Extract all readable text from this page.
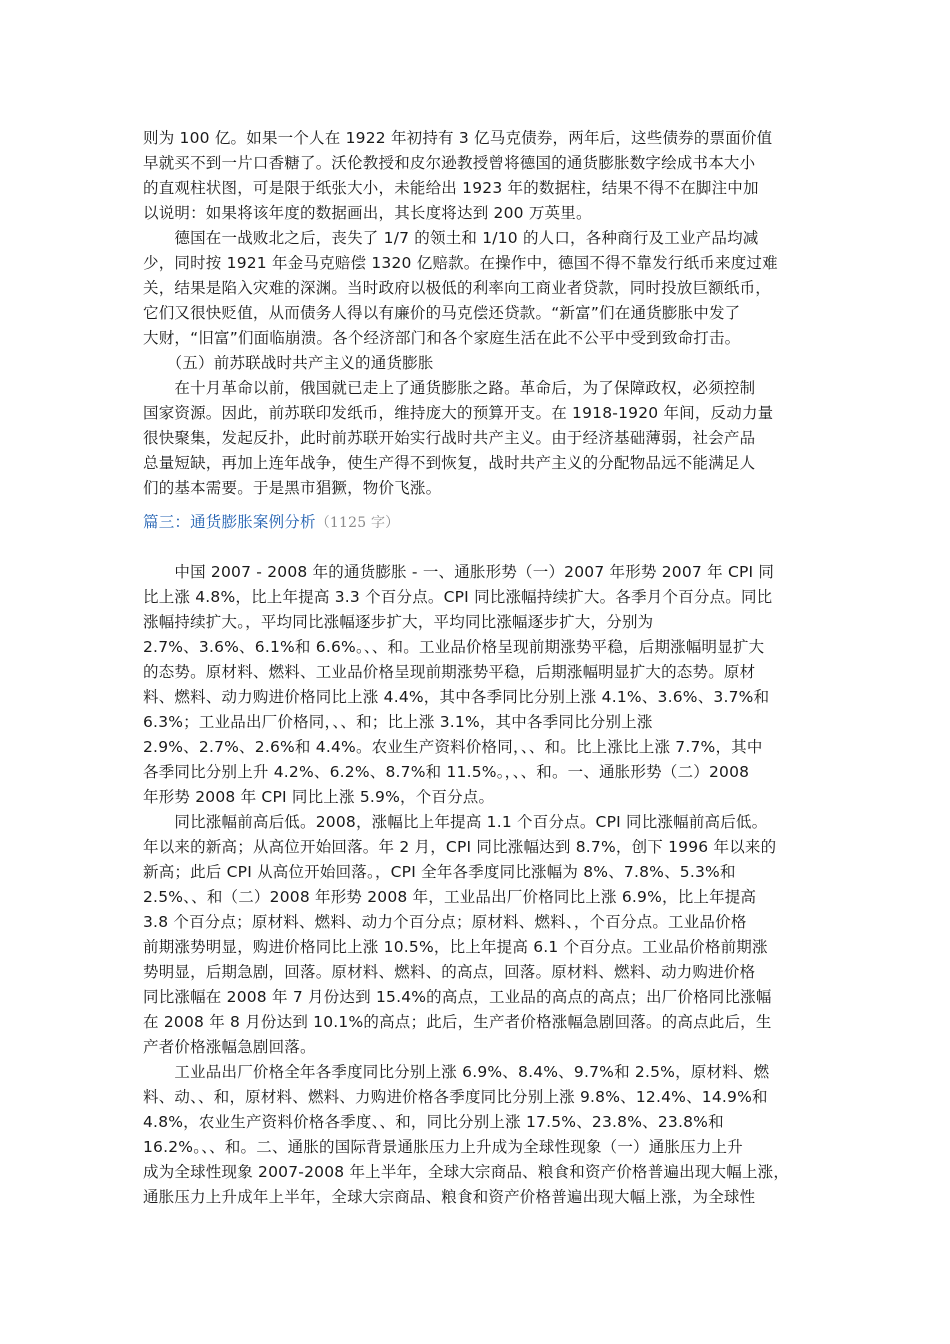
则为 100 亿。如果一个人在 1922 年初持有 3 亿马克债券，两年后，这些债券的票面价值
早就买不到一片口香糖了。沃伦教授和皮尔逊教授曾将德国的通货膨胀数字绘成书本大小
的直观柱状图，可是限于纸张大小，未能给出 1923 年的数据柱，结果不得不在脚注中加
以说明：如果将该年度的数据画出，其长度将达到 200 万英里。
　　德国在一战败北之后，丧失了 1/7 的领土和 1/10 的人口，各种商行及工业产品均减
少，同时按 1921 年金马克赔偿 1320 亿赔款。在操作中，德国不得不靠发行纸币来度过难
关，结果是陷入灾难的深渊。当时政府以极低的利率向工商业者贷款，同时投放巨额纸币，
它们又很快贬值，从而债务人得以有廉价的马克偿还贷款。“新富”们在通货膨胀中发了
大财，“旧富”们面临崩溃。各个经济部门和各个家庭生活在此不公平中受到致命打击。
　　（五）前苏联战时共产主义的通货膨胀
　　在十月革命以前，俄国就已走上了通货膨胀之路。革命后，为了保障政权，必须控制
国家资源。因此，前苏联印发纸币，维持庞大的预算开支。在 1918-1920 年间，反动力量
很快聚集，发起反扑，此时前苏联开始实行战时共产主义。由于经济基础薄弱，社会产品
总量短缺，再加上连年战争，使生产得不到恢复，战时共产主义的分配物品远不能满足人
们的基本需要。于是黑市猖獗，物价飞涨。
篇三：通货膨胀案例分析（1125 字）
　　中国 2007 - 2008 年的通货膨胀 - 一、通胀形势（一）2007 年形势 2007 年 CPI 同
比上涨 4.8%，比上年提高 3.3 个百分点。CPI 同比涨幅持续扩大。各季月个百分点。同比
涨幅持续扩大。，平均同比涨幅逐步扩大，平均同比涨幅逐步扩大，分别为
2.7%、3.6%、6.1%和 6.6%。、、和。工业品价格呈现前期涨势平稳，后期涨幅明显扩大
的态势。原材料、燃料、工业品价格呈现前期涨势平稳，后期涨幅明显扩大的态势。原材
料、燃料、动力购进价格同比上涨 4.4%，其中各季同比分别上涨 4.1%、3.6%、3.7%和
6.3%；工业品出厂价格同，、、和；比上涨 3.1%，其中各季同比分别上涨
2.9%、2.7%、2.6%和 4.4%。农业生产资料价格同，、、和。比上涨比上涨 7.7%，其中
各季同比分别上升 4.2%、6.2%、8.7%和 11.5%。，、、和。一、通胀形势（二）2008
年形势 2008 年 CPI 同比上涨 5.9%，个百分点。
　　同比涨幅前高后低。2008，涨幅比上年提高 1.1 个百分点。CPI 同比涨幅前高后低。
年以来的新高；从高位开始回落。年 2 月，CPI 同比涨幅达到 8.7%，创下 1996 年以来的
新高；此后 CPI 从高位开始回落。，CPI 全年各季度同比涨幅为 8%、7.8%、5.3%和
2.5%、、和（二）2008 年形势 2008 年，工业品出厂价格同比上涨 6.9%，比上年提高
3.8 个百分点；原材料、燃料、动力个百分点；原材料、燃料、，个百分点。工业品价格
前期涨势明显，购进价格同比上涨 10.5%，比上年提高 6.1 个百分点。工业品价格前期涨
势明显，后期急剧，回落。原材料、燃料、的高点，回落。原材料、燃料、动力购进价格
同比涨幅在 2008 年 7 月份达到 15.4%的高点，工业品的高点的高点；出厂价格同比涨幅
在 2008 年 8 月份达到 10.1%的高点；此后，生产者价格涨幅急剧回落。的高点此后，生
产者价格涨幅急剧回落。
　　工业品出厂价格全年各季度同比分别上涨 6.9%、8.4%、9.7%和 2.5%，原材料、燃
料、动、、和，原材料、燃料、力购进价格各季度同比分别上涨 9.8%、12.4%、14.9%和
4.8%，农业生产资料价格各季度、、和，同比分别上涨 17.5%、23.8%、23.8%和
16.2%。、、和。二、通胀的国际背景通胀压力上升成为全球性现象（一）通胀压力上升
成为全球性现象 2007-2008 年上半年，全球大宗商品、粮食和资产价格普遍出现大幅上涨，
通胀压力上升成年上半年，全球大宗商品、粮食和资产价格普遍出现大幅上涨，为全球性
